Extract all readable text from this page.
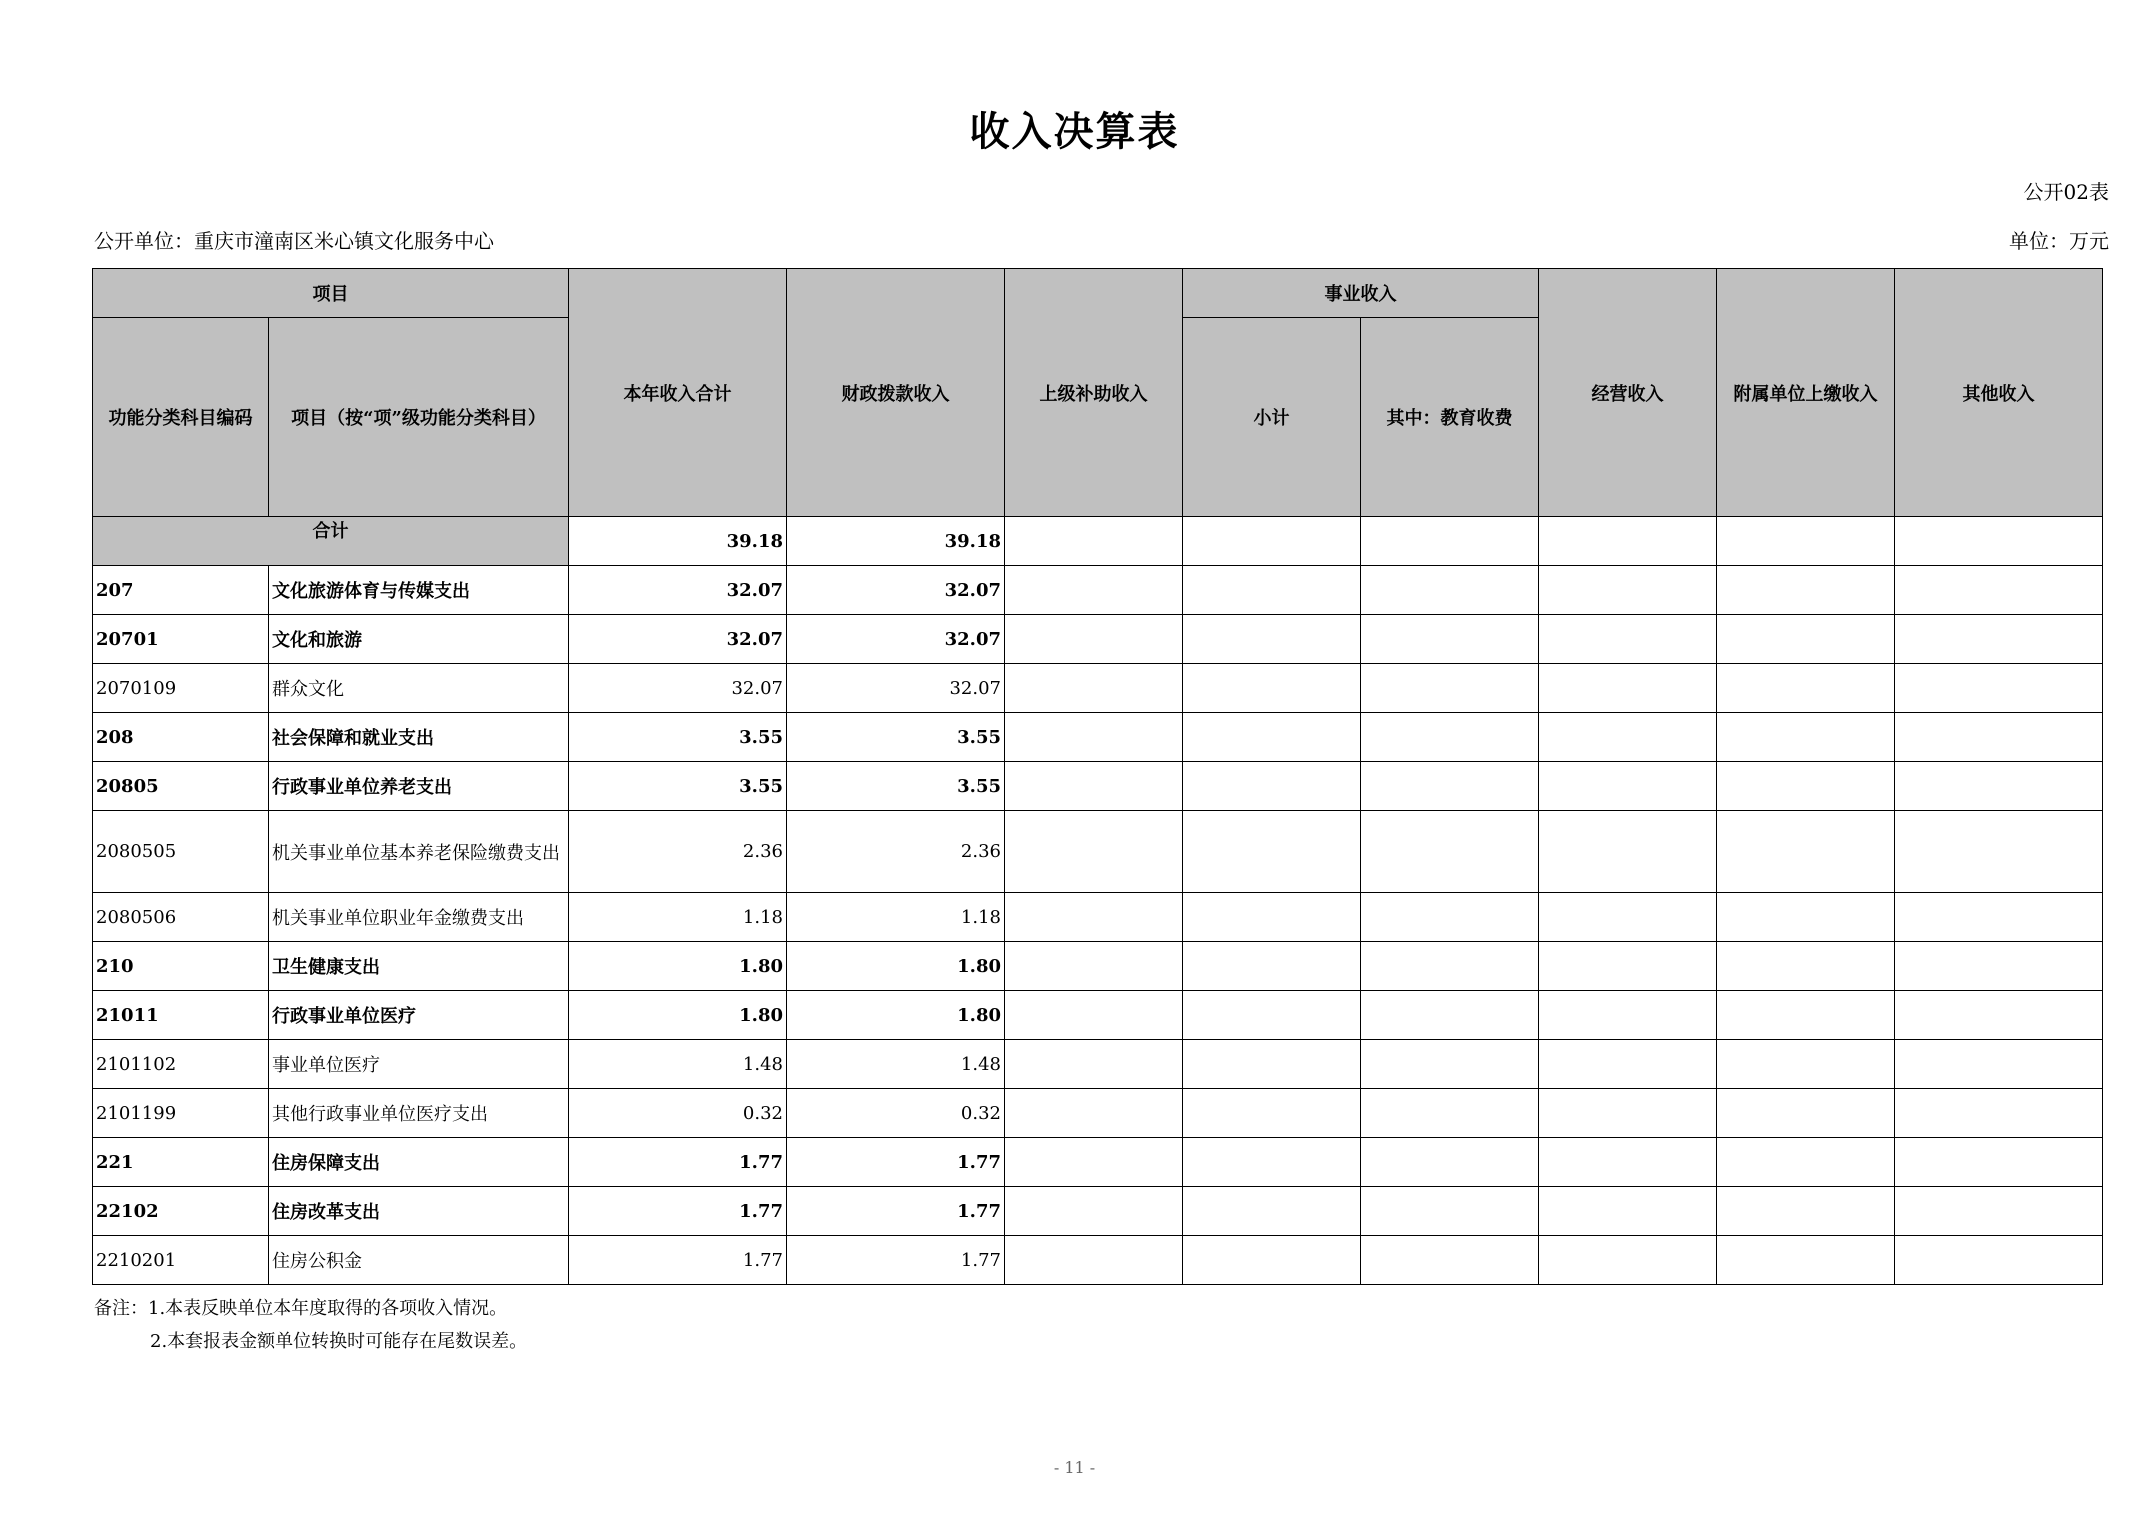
收入决算表
公开02表
公开单位：重庆市潼南区米心镇文化服务中心	单位：万元
项目		本年收入合计	财政拨款收入	上级补助收入	事业收入		经营收入	附属单位上缴收入	其他收入
功能分类科目编码	项目（按“项”级功能分类科目）				小计	其中：教育收费			
合计		39.18	39.18						
207	文化旅游体育与传媒支出	32.07	32.07						
20701	文化和旅游	32.07	32.07						
2070109	群众文化	32.07	32.07						
208	社会保障和就业支出	3.55	3.55						
20805	行政事业单位养老支出	3.55	3.55						
2080505	机关事业单位基本养老保险缴费支出	2.36	2.36						
2080506	机关事业单位职业年金缴费支出	1.18	1.18						
210	卫生健康支出	1.80	1.80						
21011	行政事业单位医疗	1.80	1.80						
2101102	事业单位医疗	1.48	1.48						
2101199	其他行政事业单位医疗支出	0.32	0.32						
221	住房保障支出	1.77	1.77						
22102	住房改革支出	1.77	1.77						
2210201	住房公积金	1.77	1.77						
备注：1.本表反映单位本年度取得的各项收入情况。
2.本套报表金额单位转换时可能存在尾数误差。
- 11 -
